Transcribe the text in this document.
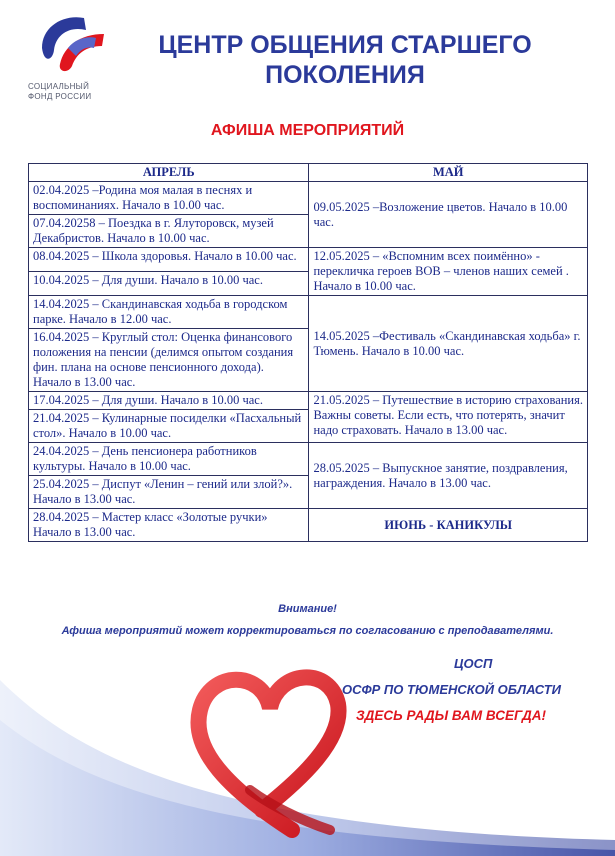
СОЦИАЛЬНЫЙ
ФОНД РОССИИ
ЦЕНТР ОБЩЕНИЯ СТАРШЕГО
ПОКОЛЕНИЯ
АФИША МЕРОПРИЯТИЙ
АПРЕЛЬ	МАЙ
02.04.2025 –Родина моя малая в песнях и воспоминаниях. Начало в 10.00 час.	09.05.2025 –Возложение цветов. Начало в 10.00 час.
07.04.20258 – Поездка в г. Ялуторовск, музей Декабристов. Начало в 10.00 час.	
08.04.2025 – Школа здоровья. Начало в 10.00 час.	12.05.2025 – «Вспомним всех поимённо» - перекличка героев ВОВ – членов наших семей . Начало в 10.00 час.
10.04.2025 – Для души. Начало в 10.00 час.	
14.04.2025 – Скандинавская ходьба в городском парке. Начало в 12.00 час.	14.05.2025 –Фестиваль «Скандинавская ходьба» г. Тюмень. Начало в 10.00 час.
16.04.2025 – Круглый стол: Оценка финансового положения на пенсии (делимся опытом создания фин. плана на основе пенсионного дохода). Начало в 13.00 час.	
17.04.2025 – Для души. Начало в 10.00 час.	21.05.2025 – Путешествие в историю страхования. Важны советы. Если есть, что потерять, значит надо страховать. Начало в 13.00 час.
21.04.2025 – Кулинарные посиделки «Пасхальный стол». Начало в 10.00 час.	
24.04.2025 – День пенсионера работников культуры. Начало в 10.00 час.	28.05.2025 – Выпускное занятие, поздравления, награждения. Начало в 13.00 час.
25.04.2025 – Диспут «Ленин – гений или злой?». Начало в 13.00 час.	
28.04.2025 – Мастер класс «Золотые ручки» Начало в 13.00 час.	ИЮНЬ - КАНИКУЛЫ
Внимание!
Афиша мероприятий может корректироваться по согласованию с преподавателями.
ЦОСП
ОСФР ПО ТЮМЕНСКОЙ ОБЛАСТИ
ЗДЕСЬ РАДЫ ВАМ ВСЕГДА!
